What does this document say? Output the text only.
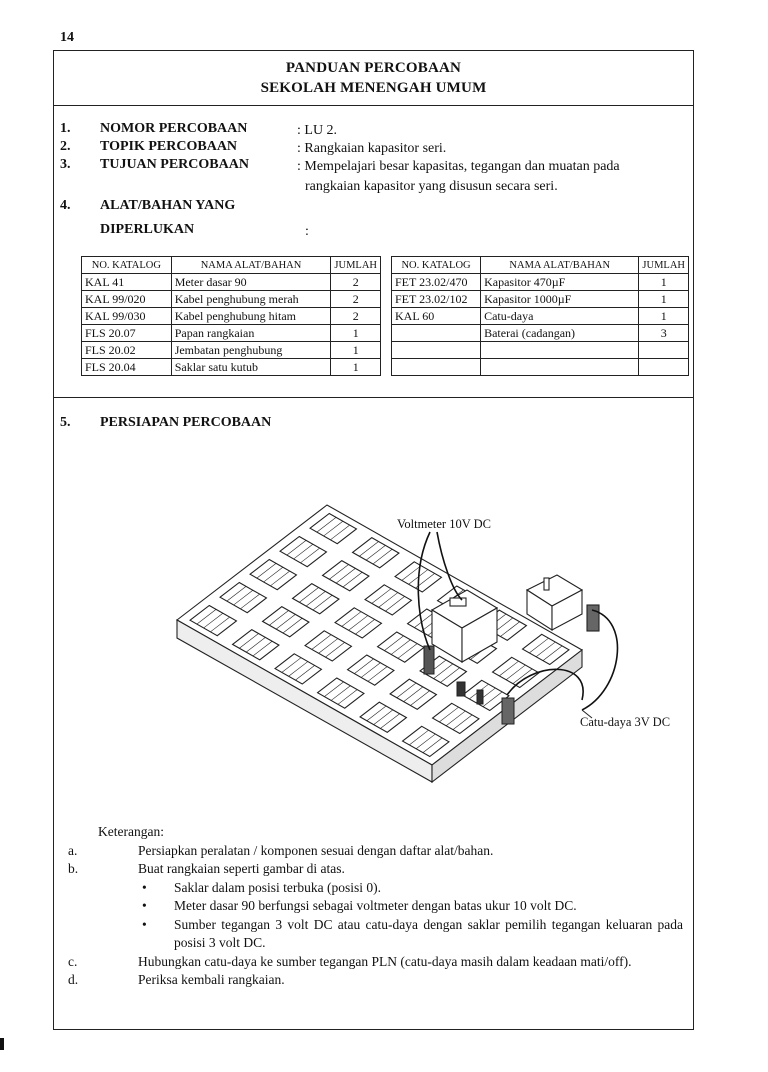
14
PANDUAN PERCOBAAN
SEKOLAH MENENGAH UMUM
1. NOMOR PERCOBAAN	: LU 2.
2. TOPIK PERCOBAAN	: Rangkaian kapasitor seri.
3. TUJUAN PERCOBAAN	: Mempelajari besar kapasitas, tegangan dan muatan pada
rangkaian kapasitor yang disusun secara seri.
4. ALAT/BAHAN YANG
DIPERLUKAN	:
NO. KATALOG	NAMA ALAT/BAHAN	JUMLAH
KAL 41	Meter dasar 90	2
KAL 99/020	Kabel penghubung merah	2
KAL 99/030	Kabel penghubung hitam	2
FLS 20.07	Papan rangkaian	1
FLS 20.02	Jembatan penghubung	1
FLS 20.04	Saklar satu kutub	1
NO. KATALOG	NAMA ALAT/BAHAN	JUMLAH
FET 23.02/470	Kapasitor 470µF	1
FET 23.02/102	Kapasitor 1000µF	1
KAL 60	Catu-daya	1
	Baterai (cadangan)	3

5. PERSIAPAN PERCOBAAN
Keterangan:
a.	Persiapkan peralatan / komponen sesuai dengan daftar alat/bahan.
b.	Buat rangkaian seperti gambar di atas.
• Saklar dalam posisi terbuka (posisi 0).
• Meter dasar 90 berfungsi sebagai voltmeter dengan batas ukur 10 volt DC.
• Sumber tegangan 3 volt DC atau catu-daya dengan saklar pemilih tegangan keluaran pada posisi 3 volt DC.
c.	Hubungkan catu-daya ke sumber tegangan PLN (catu-daya masih dalam keadaan mati/off).
d.	Periksa kembali rangkaian.
Voltmeter 10V DC
Catu-daya 3V DC
